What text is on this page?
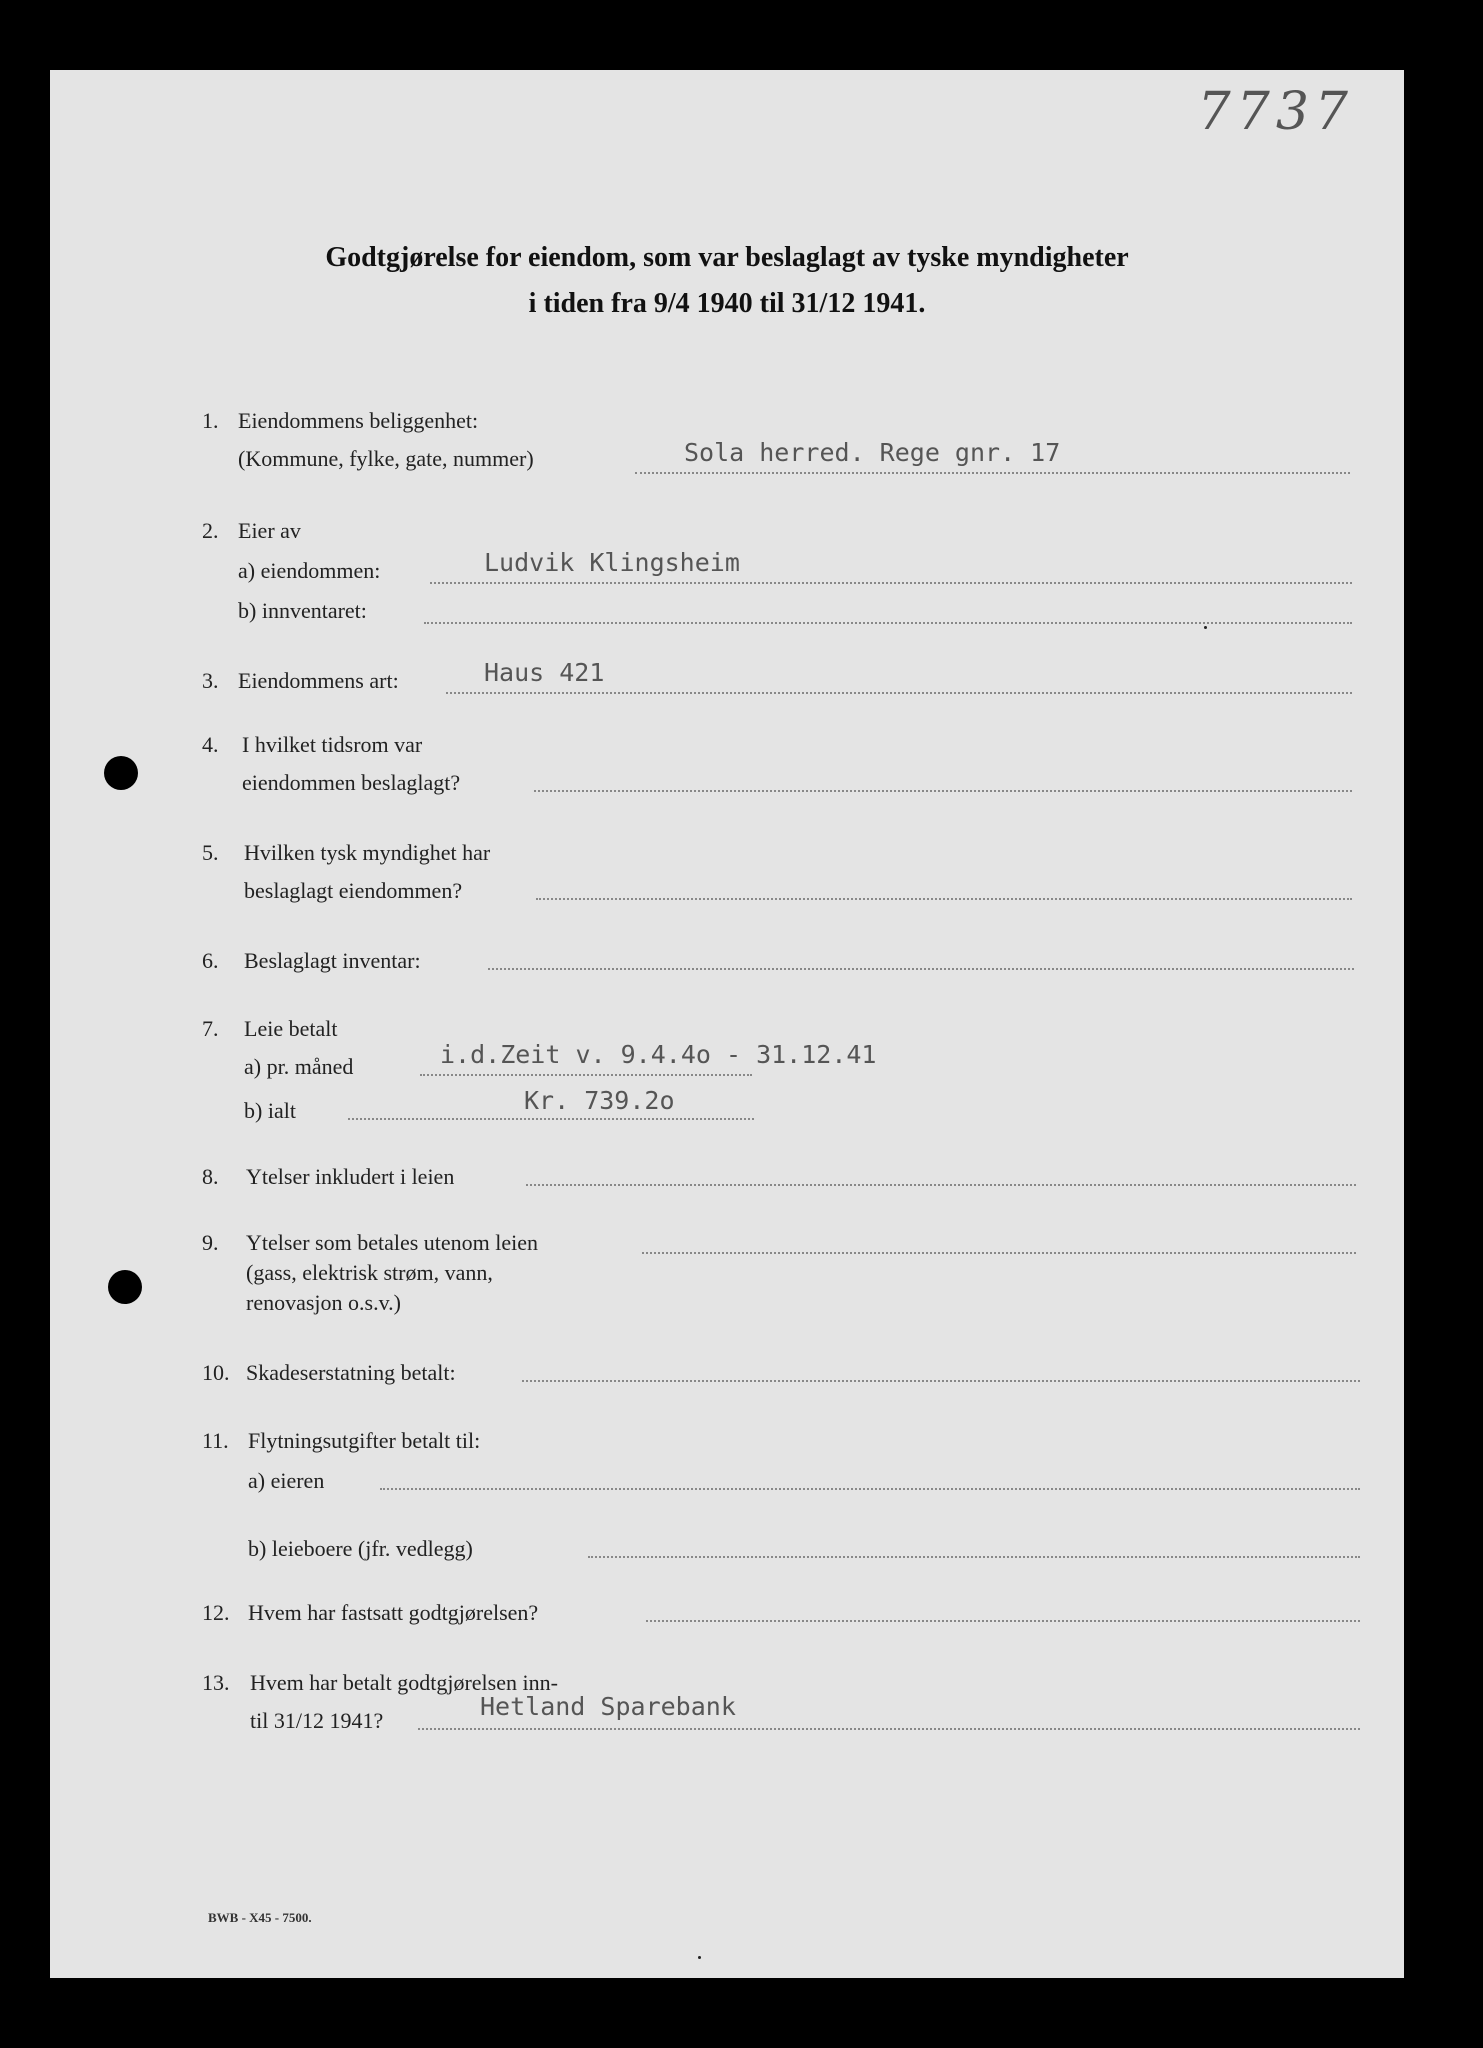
7737
Godtgjørelse for eiendom, som var beslaglagt av tyske myndigheter
i tiden fra 9/4 1940 til 31/12 1941.
1. Eiendommens beliggenhet:
(Kommune, fylke, gate, nummer)	Sola herred. Rege gnr. 17
2. Eier av
a) eiendommen:	Ludvik Klingsheim
b) innventaret:
3. Eiendommens art:	Haus 421
4. I hvilket tidsrom var
eiendommen beslaglagt?
5. Hvilken tysk myndighet har
beslaglagt eiendommen?
6. Beslaglagt inventar:
7. Leie betalt
a) pr. måned	i.d.Zeit v. 9.4.4o - 31.12.41
b) ialt	Kr. 739.2o
8. Ytelser inkludert i leien
9. Ytelser som betales utenom leien
(gass, elektrisk strøm, vann,
renovasjon o.s.v.)
10. Skadeserstatning betalt:
11. Flytningsutgifter betalt til:
a) eieren
b) leieboere (jfr. vedlegg)
12. Hvem har fastsatt godtgjørelsen?
13. Hvem har betalt godtgjørelsen inn-
til 31/12 1941?	Hetland Sparebank
BWB - X45 - 7500.
